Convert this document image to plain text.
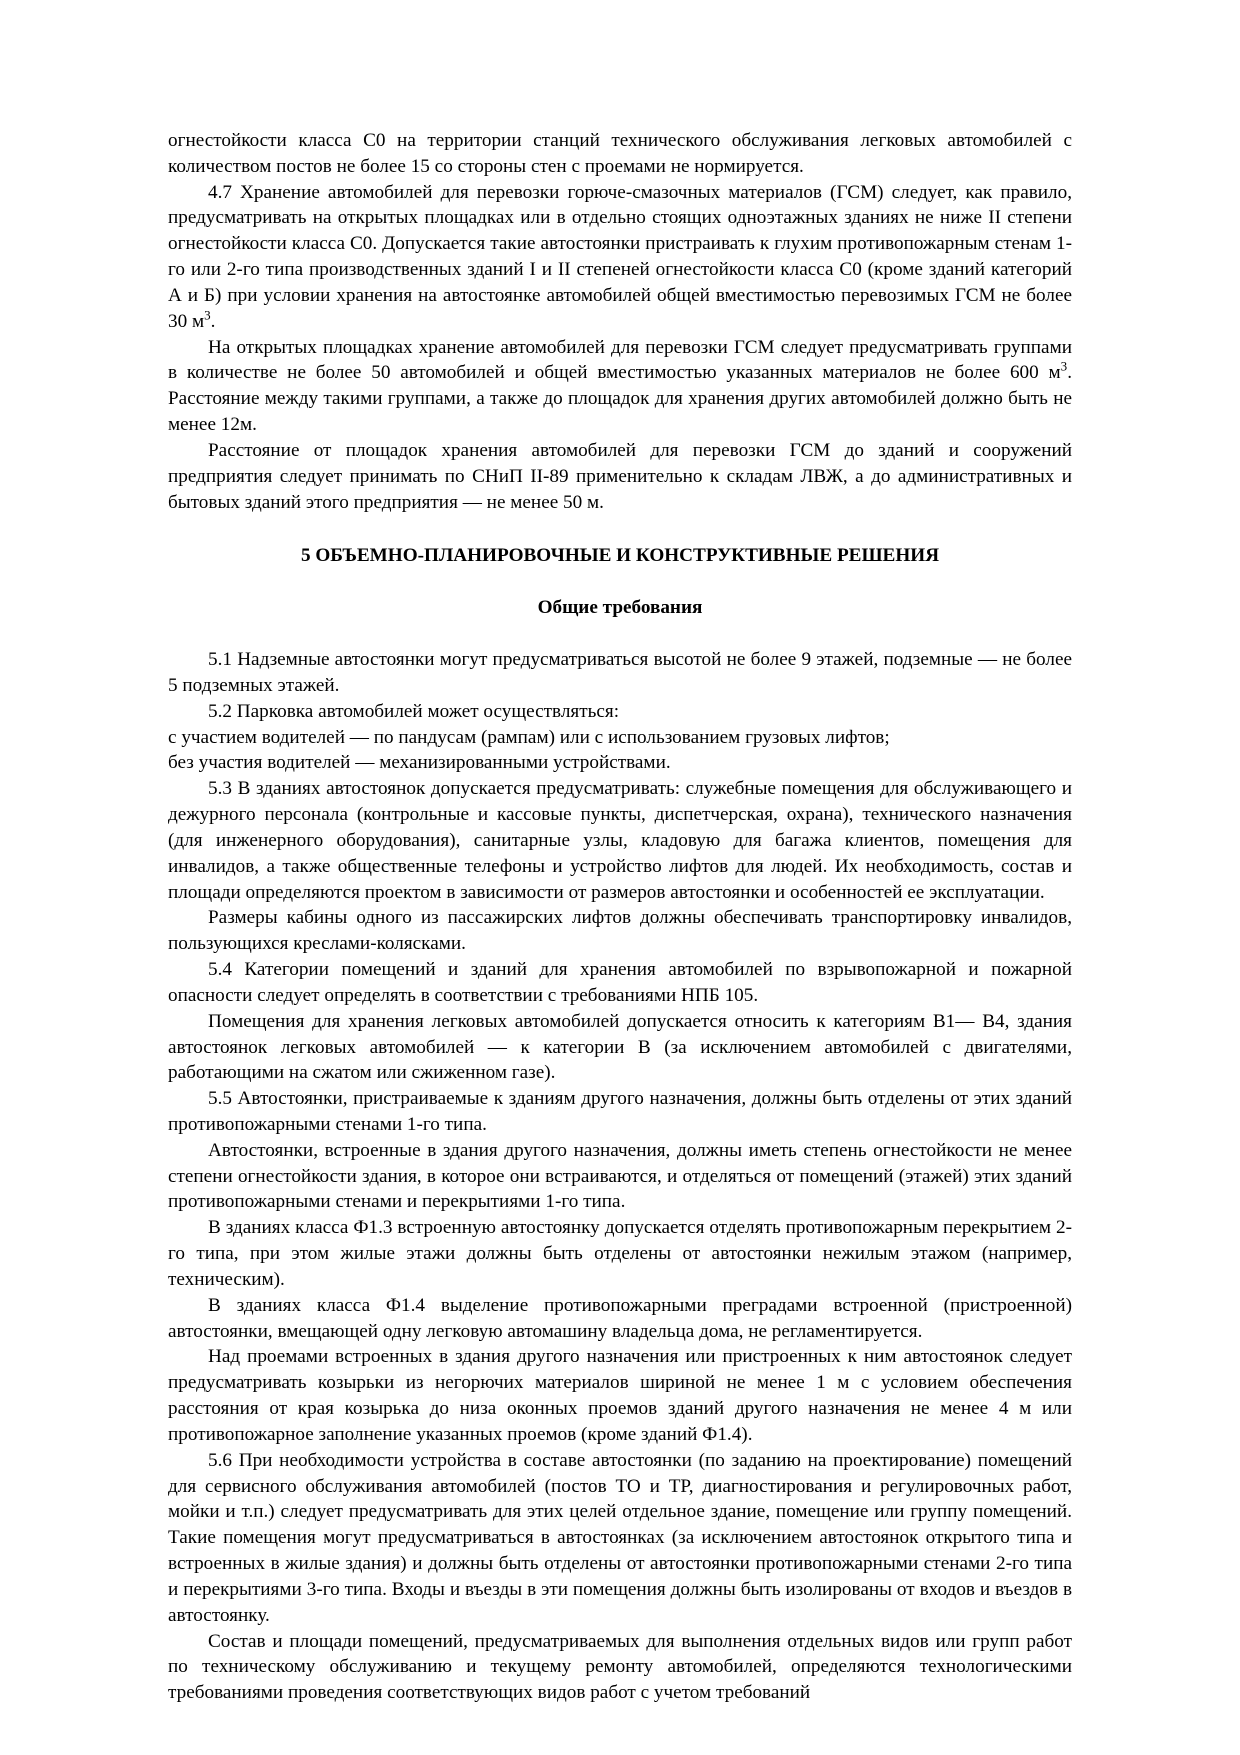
огнестойкости класса С0 на территории станций технического обслуживания легковых автомобилей с количеством постов не более 15 со стороны стен с проемами не нормируется.

4.7 Хранение автомобилей для перевозки горюче-смазочных материалов (ГСМ) следует, как правило, предусматривать на открытых площадках или в отдельно стоящих одноэтажных зданиях не ниже II степени огнестойкости класса С0. Допускается такие автостоянки пристраивать к глухим противопожарным стенам 1-го или 2-го типа производственных зданий I и II степеней огнестойкости класса С0 (кроме зданий категорий А и Б) при условии хранения на автостоянке автомобилей общей вместимостью перевозимых ГСМ не более 30 $м^3$.

На открытых площадках хранение автомобилей для перевозки ГСМ следует предусматривать группами в количестве не более 50 автомобилей и общей вместимостью указанных материалов не более 600 $м^3$. Расстояние между такими группами, а также до площадок для хранения других автомобилей должно быть не менее 12м.

Расстояние от площадок хранения автомобилей для перевозки ГСМ до зданий и сооружений предприятия следует принимать по СНиП II-89 применительно к складам ЛВЖ, а до административных и бытовых зданий этого предприятия — не менее 50 м.

5 ОБЪЕМНО-ПЛАНИРОВОЧНЫЕ И КОНСТРУКТИВНЫЕ РЕШЕНИЯ
Общие требования

5.1 Надземные автостоянки могут предусматриваться высотой не более 9 этажей, подземные — не более 5 подземных этажей.

5.2 Парковка автомобилей может осуществляться:

с участием водителей — по пандусам (рампам) или с использованием грузовых лифтов;

без участия водителей — механизированными устройствами.

5.3 В зданиях автостоянок допускается предусматривать: служебные помещения для обслуживающего и дежурного персонала (контрольные и кассовые пункты, диспетчерская, охрана), технического назначения (для инженерного оборудования), санитарные узлы, кладовую для багажа клиентов, помещения для инвалидов, а также общественные телефоны и устройство лифтов для людей. Их необходимость, состав и площади определяются проектом в зависимости от размеров автостоянки и особенностей ее эксплуатации.

Размеры кабины одного из пассажирских лифтов должны обеспечивать транспортировку инвалидов, пользующихся креслами-колясками.

5.4 Категории помещений и зданий для хранения автомобилей по взрывопожарной и пожарной опасности следует определять в соответствии с требованиями НПБ 105.

Помещения для хранения легковых автомобилей допускается относить к категориям В1— В4, здания автостоянок легковых автомобилей — к категории В (за исключением автомобилей с двигателями, работающими на сжатом или сжиженном газе).

5.5 Автостоянки, пристраиваемые к зданиям другого назначения, должны быть отделены от этих зданий противопожарными стенами 1-го типа.

Автостоянки, встроенные в здания другого назначения, должны иметь степень огнестойкости не менее степени огнестойкости здания, в которое они встраиваются, и отделяться от помещений (этажей) этих зданий противопожарными стенами и перекрытиями 1-го типа.

В зданиях класса Ф1.3 встроенную автостоянку допускается отделять противопожарным перекрытием 2-го типа, при этом жилые этажи должны быть отделены от автостоянки нежилым этажом (например, техническим).

В зданиях класса Ф1.4 выделение противопожарными преградами встроенной (пристроенной) автостоянки, вмещающей одну легковую автомашину владельца дома, не регламентируется.

Над проемами встроенных в здания другого назначения или пристроенных к ним автостоянок следует предусматривать козырьки из негорючих материалов шириной не менее 1 м с условием обеспечения расстояния от края козырька до низа оконных проемов зданий другого назначения не менее 4 м или противопожарное заполнение указанных проемов (кроме зданий Ф1.4).

5.6 При необходимости устройства в составе автостоянки (по заданию на проектирование) помещений для сервисного обслуживания автомобилей (постов ТО и ТР, диагностирования и регулировочных работ, мойки и т.п.) следует предусматривать для этих целей отдельное здание, помещение или группу помещений. Такие помещения могут предусматриваться в автостоянках (за исключением автостоянок открытого типа и встроенных в жилые здания) и должны быть отделены от автостоянки противопожарными стенами 2-го типа и перекрытиями 3-го типа. Входы и въезды в эти помещения должны быть изолированы от входов и въездов в автостоянку.

Состав и площади помещений, предусматриваемых для выполнения отдельных видов или групп работ по техническому обслуживанию и текущему ремонту автомобилей, определяются технологическими требованиями проведения соответствующих видов работ с учетом требований
